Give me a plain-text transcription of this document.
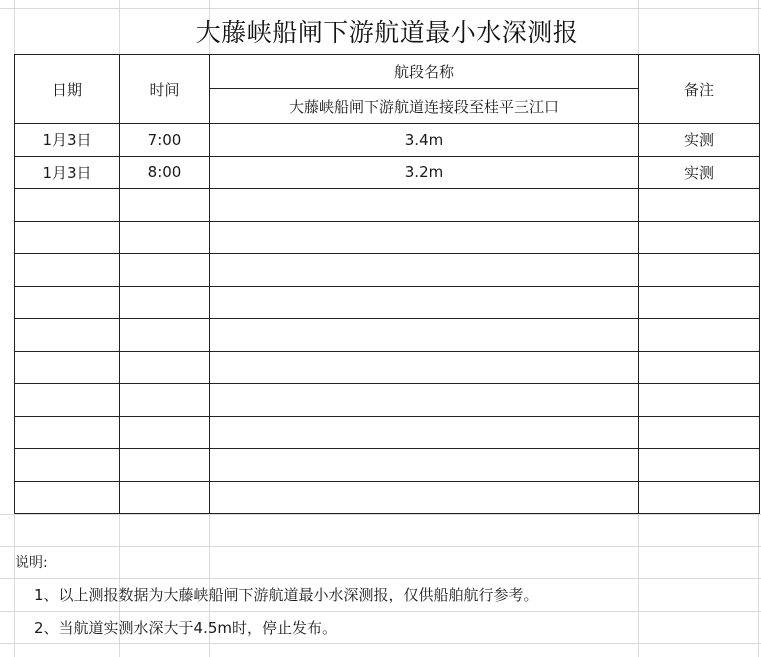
大藤峡船闸下游航道最小水深测报
日期	时间	航段名称	备注
		大藤峡船闸下游航道连接段至桂平三江口	
1月3日	7:00	3.4m	实测
1月3日	8:00	3.2m	实测

说明:
1、以上测报数据为大藤峡船闸下游航道最小水深测报，仅供船舶航行参考。
2、当航道实测水深大于4.5m时，停止发布。
